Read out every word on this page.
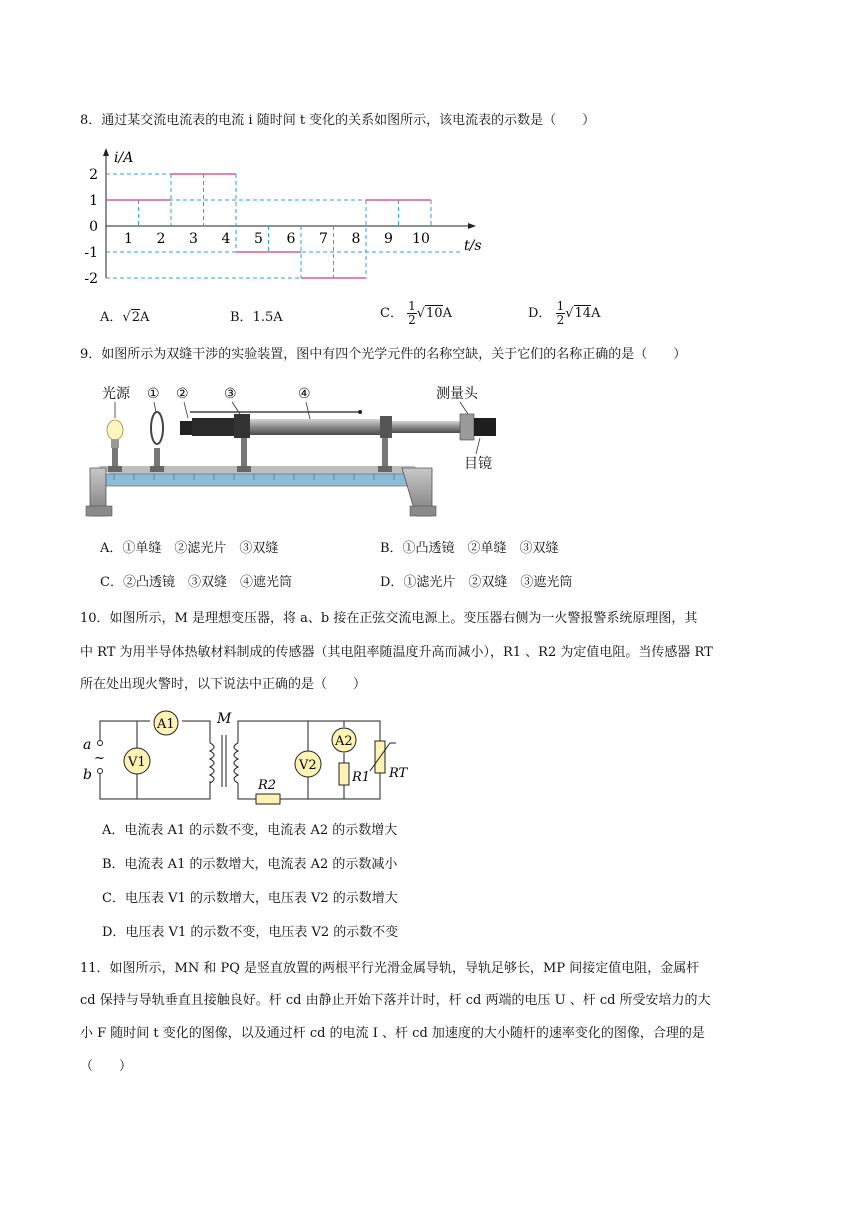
8．通过某交流电流表的电流 i 随时间 t 变化的关系如图所示，该电流表的示数是（　　）
i/A
t/s
2
1
0
-1
-2
1 2 3 4 5 6 7 8 9 10
A．√2A	B．1.5A	C． $\frac{1}{2} √10A$	D． $\frac{1}{2} √14A$
9．如图所示为双缝干涉的实验装置，图中有四个光学元件的名称空缺，关于它们的名称正确的是（　　）
光源 ① ②	③	④	测量头
目镜
A．①单缝　②滤光片　③双缝	B．①凸透镜　②单缝　③双缝
C．②凸透镜　③双缝　④遮光筒	D．①滤光片　②双缝　③遮光筒
10．如图所示，M 是理想变压器，将 a、b 接在正弦交流电源上。变压器右侧为一火警报警系统原理图，其
中 RT 为用半导体热敏材料制成的传感器（其电阻率随温度升高而减小），R1 、R2 为定值电阻。当传感器 RT
所在处出现火警时，以下说法中正确的是（　　）
a
b
~
A1
V1
M
R2
V2
A2
R1 RT
A．电流表 A1 的示数不变，电流表 A2 的示数增大
B．电流表 A1 的示数增大，电流表 A2 的示数减小
C．电压表 V1 的示数增大，电压表 V2 的示数增大
D．电压表 V1 的示数不变，电压表 V2 的示数不变
11．如图所示，MN 和 PQ 是竖直放置的两根平行光滑金属导轨，导轨足够长，MP 间接定值电阻，金属杆
cd 保持与导轨垂直且接触良好。杆 cd 由静止开始下落并计时，杆 cd 两端的电压 U 、杆 cd 所受安培力的大
小 F 随时间 t 变化的图像，以及通过杆 cd 的电流 I 、杆 cd 加速度的大小随杆的速率变化的图像，合理的是
（　　）
